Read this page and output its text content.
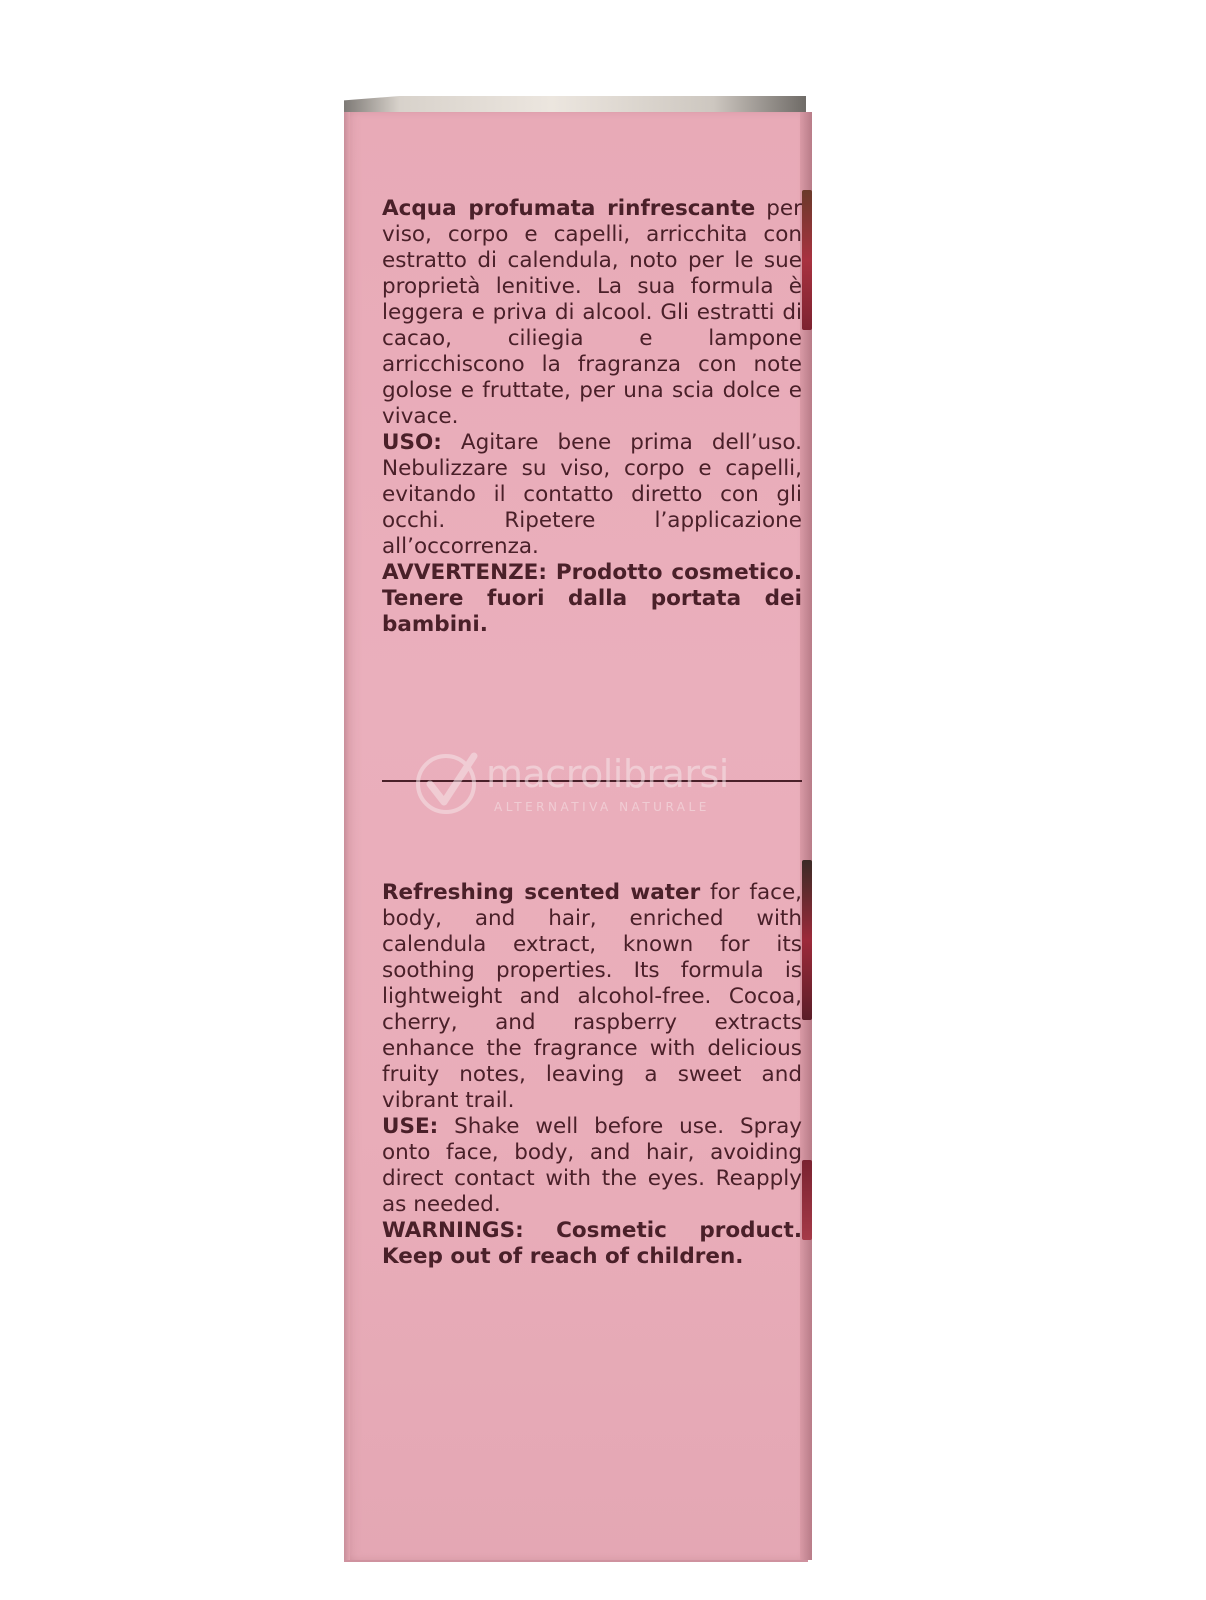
Acqua profumata rinfrescante per viso, corpo e capelli, arricchita con estratto di calendula, noto per le sue proprietà lenitive. La sua formula è leggera e priva di alcool. Gli estratti di cacao, ciliegia e lampone arricchiscono la fragranza con note golose e fruttate, per una scia dolce e vivace.

USO: Agitare bene prima dell’uso. Nebulizzare su viso, corpo e capelli, evitando il contatto diretto con gli occhi. Ripetere l’applicazione all’occorrenza.

AVVERTENZE: Prodotto cosmetico. Tenere fuori dalla portata dei bambini.

macrolibrarsi
ALTERNATIVA NATURALE

Refreshing scented water for face, body, and hair, enriched with calendula extract, known for its soothing properties. Its formula is lightweight and alcohol-free. Cocoa, cherry, and raspberry extracts enhance the fragrance with delicious fruity notes, leaving a sweet and vibrant trail.

USE: Shake well before use. Spray onto face, body, and hair, avoiding direct contact with the eyes. Reapply as needed.

WARNINGS: Cosmetic product. Keep out of reach of children.
